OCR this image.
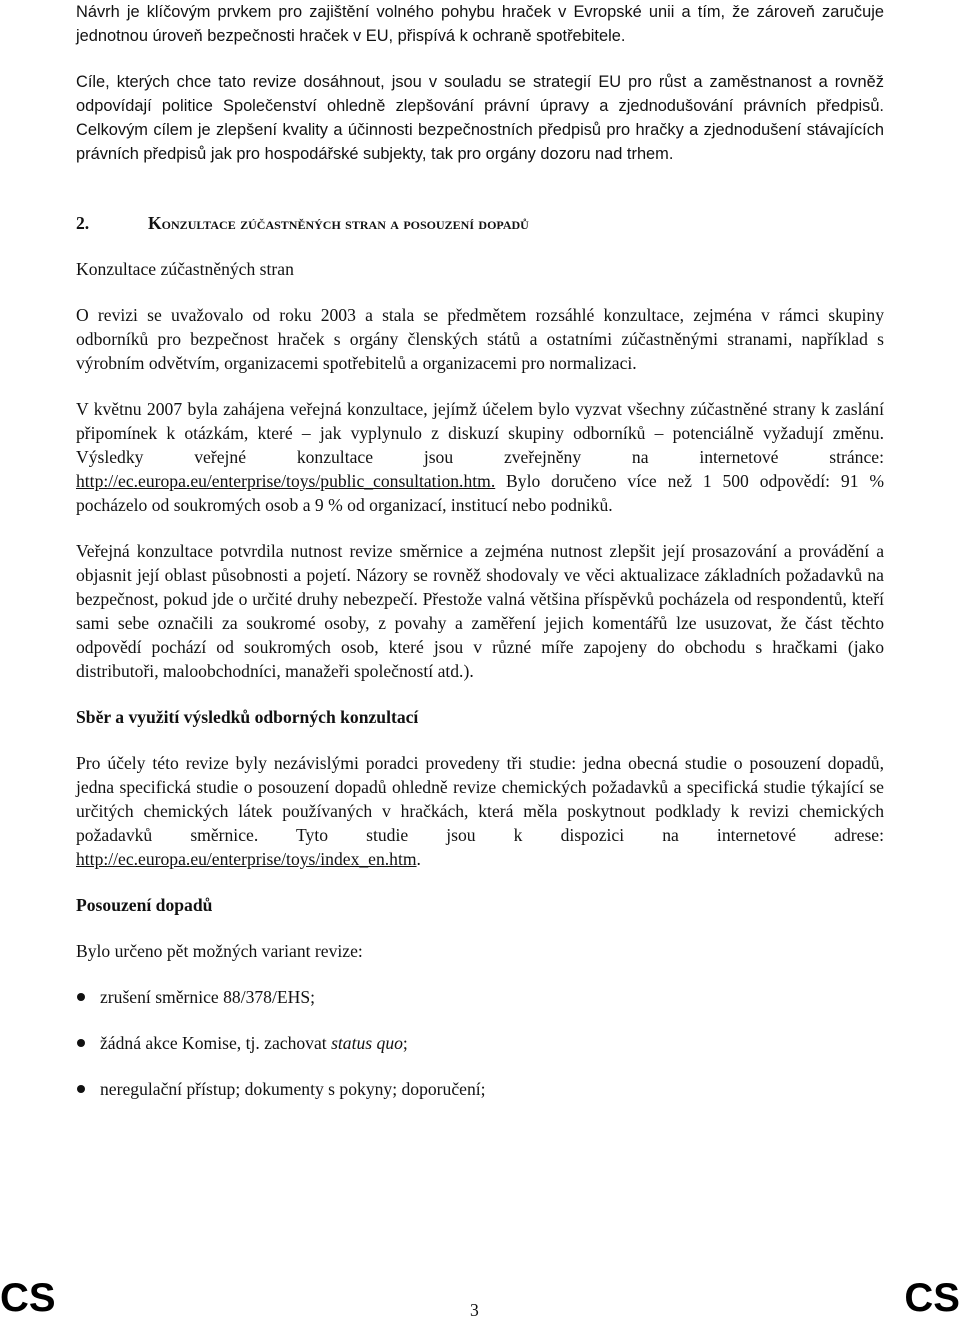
Návrh je klíčovým prvkem pro zajištění volného pohybu hraček v Evropské unii a tím, že zároveň zaručuje jednotnou úroveň bezpečnosti hraček v EU, přispívá k ochraně spotřebitele.

Cíle, kterých chce tato revize dosáhnout, jsou v souladu se strategií EU pro růst a zaměstnanost a rovněž odpovídají politice Společenství ohledně zlepšování právní úpravy a zjednodušování právních předpisů. Celkovým cílem je zlepšení kvality a účinnosti bezpečnostních předpisů pro hračky a zjednodušení stávajících právních předpisů jak pro hospodářské subjekty, tak pro orgány dozoru nad trhem.

2.	Konzultace zúčastněných stran a posouzení dopadů
Konzultace zúčastněných stran

O revizi se uvažovalo od roku 2003 a stala se předmětem rozsáhlé konzultace, zejména v rámci skupiny odborníků pro bezpečnost hraček s orgány členských států a ostatními zúčastněnými stranami, například s výrobním odvětvím, organizacemi spotřebitelů a organizacemi pro normalizaci.

V květnu 2007 byla zahájena veřejná konzultace, jejímž účelem bylo vyzvat všechny zúčastněné strany k zaslání připomínek k otázkám, které – jak vyplynulo z diskuzí skupiny odborníků – potenciálně vyžadují změnu. Výsledky veřejné konzultace jsou zveřejněny na internetové stránce: http://ec.europa.eu/enterprise/toys/public_consultation.htm. Bylo doručeno více než 1 500 odpovědí: 91 % pocházelo od soukromých osob a 9 % od organizací, institucí nebo podniků.

Veřejná konzultace potvrdila nutnost revize směrnice a zejména nutnost zlepšit její prosazování a provádění a objasnit její oblast působnosti a pojetí. Názory se rovněž shodovaly ve věci aktualizace základních požadavků na bezpečnost, pokud jde o určité druhy nebezpečí. Přestože valná většina příspěvků pocházela od respondentů, kteří sami sebe označili za soukromé osoby, z povahy a zaměření jejich komentářů lze usuzovat, že část těchto odpovědí pochází od soukromých osob, které jsou v různé míře zapojeny do obchodu s hračkami (jako distributoři, maloobchodníci, manažeři společností atd.).

Sběr a využití výsledků odborných konzultací

Pro účely této revize byly nezávislými poradci provedeny tři studie: jedna obecná studie o posouzení dopadů, jedna specifická studie o posouzení dopadů ohledně revize chemických požadavků a specifická studie týkající se určitých chemických látek používaných v hračkách, která měla poskytnout podklady k revizi chemických požadavků směrnice. Tyto studie jsou k dispozici na internetové adrese: http://ec.europa.eu/enterprise/toys/index_en.htm.

Posouzení dopadů

Bylo určeno pět možných variant revize:

zrušení směrnice 88/378/EHS;
žádná akce Komise, tj. zachovat status quo;
neregulační přístup; dokumenty s pokyny; doporučení;
CS	3	CS
